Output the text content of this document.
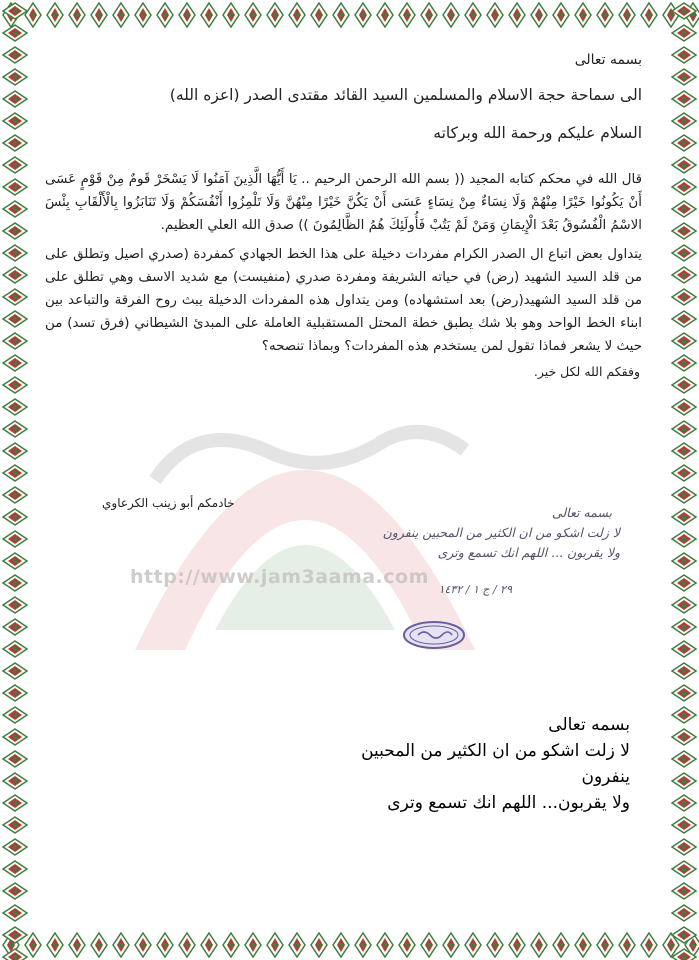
http://www.jam3aama.com
بسمه تعالى
الى سماحة حجة الاسلام والمسلمين السيد القائد مقتدى الصدر (اعزه الله)
السلام عليكم ورحمة الله وبركاته

قال الله في محكم كتابه المجيد (( بسم الله الرحمن الرحيم .. يَا أَيُّهَا الَّذِينَ آمَنُوا لَا يَسْخَرْ قَومٌ مِنْ قَوْمٍ عَسَى أَنْ يَكُونُوا خَيْرًا مِنْهُمْ وَلَا نِسَاءٌ مِنْ نِسَاءٍ عَسَى أَنْ يَكُنَّ خَيْرًا مِنْهُنَّ وَلَا تَلْمِزُوا أَنْفُسَكُمْ وَلَا تَنَابَزُوا بِالْأَلْقَابِ بِئْسَ الاسْمُ الْفُسُوقُ بَعْدَ الْإِيمَانِ وَمَنْ لَمْ يَتُبْ فَأُولَئِكَ هُمُ الظَّالِمُونَ )) صدق الله العلي العظيم.

يتداول بعض اتباع ال الصدر الكرام مفردات دخيلة على هذا الخط الجهادي كمفردة (صدري اصيل وتطلق على من قلد السيد الشهيد (رض) في حياته الشريفة ومفردة صدري (منفيست) مع شديد الاسف وهي تطلق على من قلد السيد الشهيد(رض) بعد استشهاده) ومن يتداول هذه المفردات الدخيلة يبث روح الفرقة والتباعد بين ابناء الخط الواحد وهو بلا شك يطبق خطة المحتل المستقبلية العاملة على المبدئ الشيطاني (فرق تسد) من حيث لا يشعر فماذا تقول لمن يستخدم هذه المفردات؟ وبماذا تنصحه؟

وفقكم الله لكل خير.
خادمكم أبو زينب الكرعاوي
بسمه تعالى
لا زلت اشكو من ان الكثير من المحبين ينفرون
ولا يقربون ... اللهم انك تسمع وترى
٢٩ / ج ١ / ١٤٣٢
بسمه تعالى
لا زلت اشكو من ان الكثير من المحبين ينفرون
ولا يقربون... اللهم انك تسمع وترى
